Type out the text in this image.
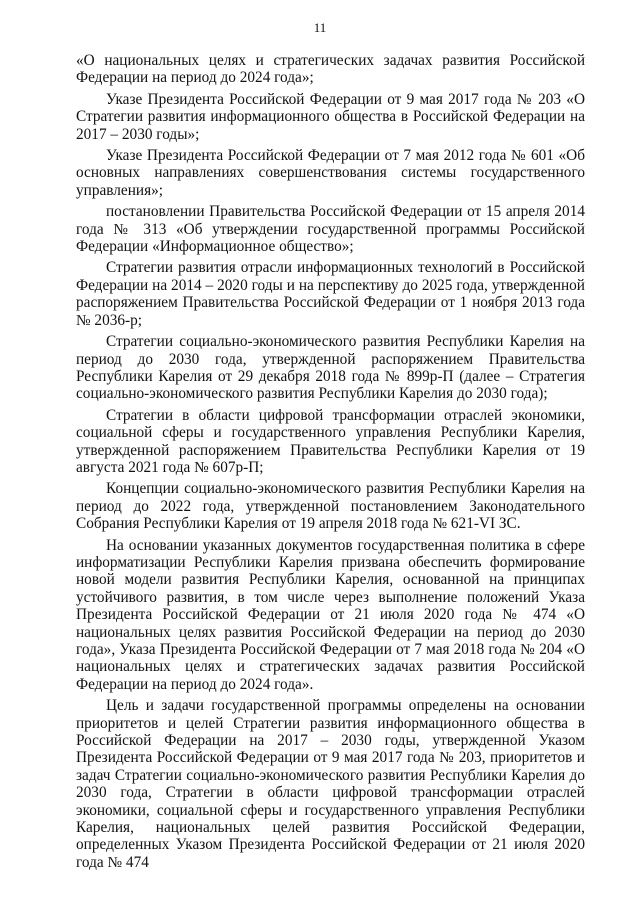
11

«О национальных целях и стратегических задачах развития Российской Федерации на период до 2024 года»;

Указе Президента Российской Федерации от 9 мая 2017 года № 203 «О Стратегии развития информационного общества в Российской Федерации на 2017 – 2030 годы»;

Указе Президента Российской Федерации от 7 мая 2012 года № 601 «Об основных направлениях совершенствования системы государственного управления»;

постановлении Правительства Российской Федерации от 15 апреля 2014 года № 313 «Об утверждении государственной программы Российской Федерации «Информационное общество»;

Стратегии развития отрасли информационных технологий в Российской Федерации на 2014 – 2020 годы и на перспективу до 2025 года, утвержденной распоряжением Правительства Российской Федерации от 1 ноября 2013 года № 2036-р;

Стратегии социально-экономического развития Республики Карелия на период до 2030 года, утвержденной распоряжением Правительства Республики Карелия от 29 декабря 2018 года № 899р-П (далее – Стратегия социально-экономического развития Республики Карелия до 2030 года);

Стратегии в области цифровой трансформации отраслей экономики, социальной сферы и государственного управления Республики Карелия, утвержденной распоряжением Правительства Республики Карелия от 19 августа 2021 года № 607р-П;

Концепции социально-экономического развития Республики Карелия на период до 2022 года, утвержденной постановлением Законодательного Собрания Республики Карелия от 19 апреля 2018 года № 621-VI ЗС.

На основании указанных документов государственная политика в сфере информатизации Республики Карелия призвана обеспечить формирование новой модели развития Республики Карелия, основанной на принципах устойчивого развития, в том числе через выполнение положений Указа Президента Российской Федерации от 21 июля 2020 года № 474 «О национальных целях развития Российской Федерации на период до 2030 года», Указа Президента Российской Федерации от 7 мая 2018 года № 204 «О национальных целях и стратегических задачах развития Российской Федерации на период до 2024 года».

Цель и задачи государственной программы определены на основании приоритетов и целей Стратегии развития информационного общества в Российской Федерации на 2017 – 2030 годы, утвержденной Указом Президента Российской Федерации от 9 мая 2017 года № 203, приоритетов и задач Стратегии социально-экономического развития Республики Карелия до 2030 года, Стратегии в области цифровой трансформации отраслей экономики, социальной сферы и государственного управления Республики Карелия, национальных целей развития Российской Федерации, определенных Указом Президента Российской Федерации от 21 июля 2020 года № 474
